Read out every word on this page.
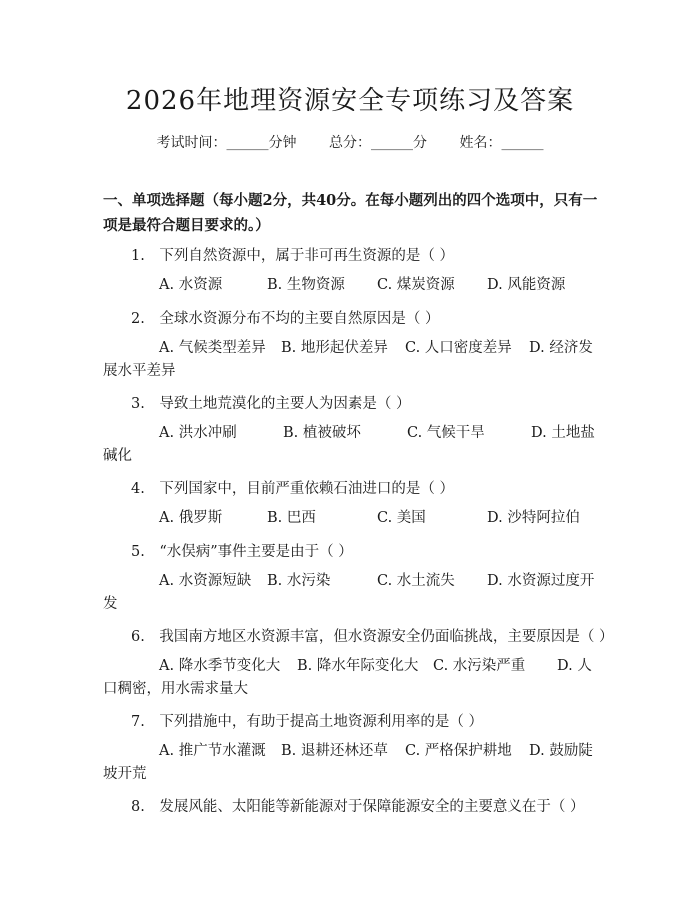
2026年地理资源安全专项练习及答案
考试时间：______分钟 总分：______分 姓名：______
一、单项选择题（每小题2分，共40分。在每小题列出的四个选项中，只有一项是最符合题目要求的。）
1.　下列自然资源中，属于非可再生资源的是（ ）
A. 水资源	B. 生物资源 C. 煤炭资源 D. 风能资源
2.　全球水资源分布不均的主要自然原因是（ ）
A. 气候类型差异 B. 地形起伏差异 C. 人口密度差异 D. 经济发展水平差异
3.　导致土地荒漠化的主要人为因素是（ ）
A. 洪水冲刷	B. 植被破坏	C. 气候干旱	D. 土地盐碱化
4.　下列国家中，目前严重依赖石油进口的是（ ）
A. 俄罗斯	B. 巴西	C. 美国	D. 沙特阿拉伯
5.　“水俣病”事件主要是由于（ ）
A. 水资源短缺 B. 水污染	C. 水土流失 D. 水资源过度开发
6.　我国南方地区水资源丰富，但水资源安全仍面临挑战，主要原因是（ ）
A. 降水季节变化大 B. 降水年际变化大 C. 水污染严重 D. 人口稠密，用水需求量大
7.　下列措施中，有助于提高土地资源利用率的是（ ）
A. 推广节水灌溉 B. 退耕还林还草 C. 严格保护耕地 D. 鼓励陡坡开荒
8.　发展风能、太阳能等新能源对于保障能源安全的主要意义在于（ ）
